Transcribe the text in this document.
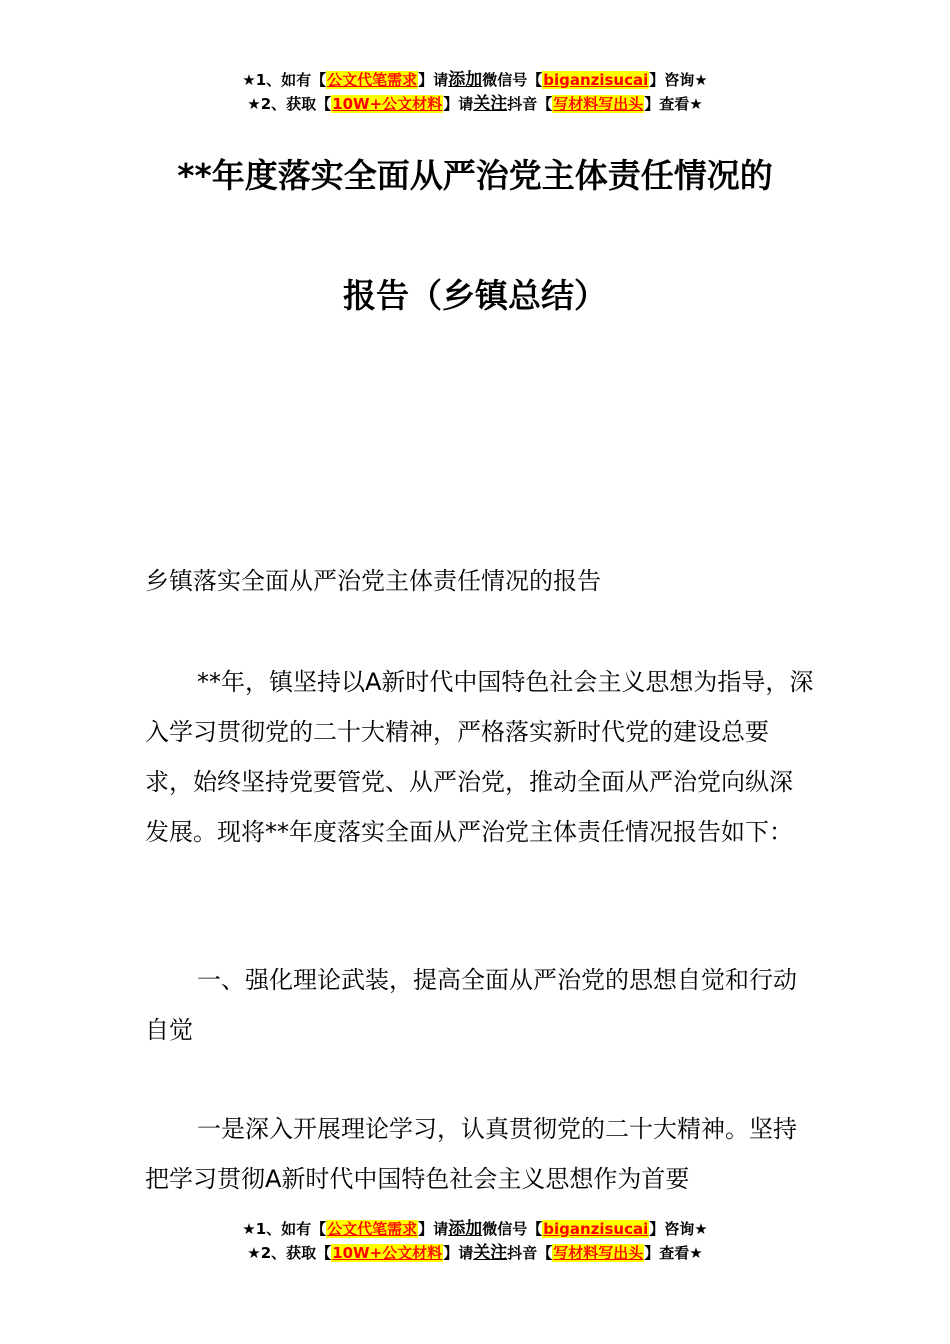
★1、如有【公文代笔需求】请添加微信号【biganzisucai】咨询★
★2、获取【10W+公文材料】请关注抖音【写材料写出头】查看★
**年度落实全面从严治党主体责任情况的
报告（乡镇总结）

乡镇落实全面从严治党主体责任情况的报告

**年，镇坚持以A新时代中国特色社会主义思想为指导，深入学习贯彻党的二十大精神，严格落实新时代党的建设总要求，始终坚持党要管党、从严治党，推动全面从严治党向纵深发展。现将**年度落实全面从严治党主体责任情况报告如下：

一、强化理论武装，提高全面从严治党的思想自觉和行动自觉

一是深入开展理论学习，认真贯彻党的二十大精神。坚持把学习贯彻A新时代中国特色社会主义思想作为首要

★1、如有【公文代笔需求】请添加微信号【biganzisucai】咨询★
★2、获取【10W+公文材料】请关注抖音【写材料写出头】查看★
